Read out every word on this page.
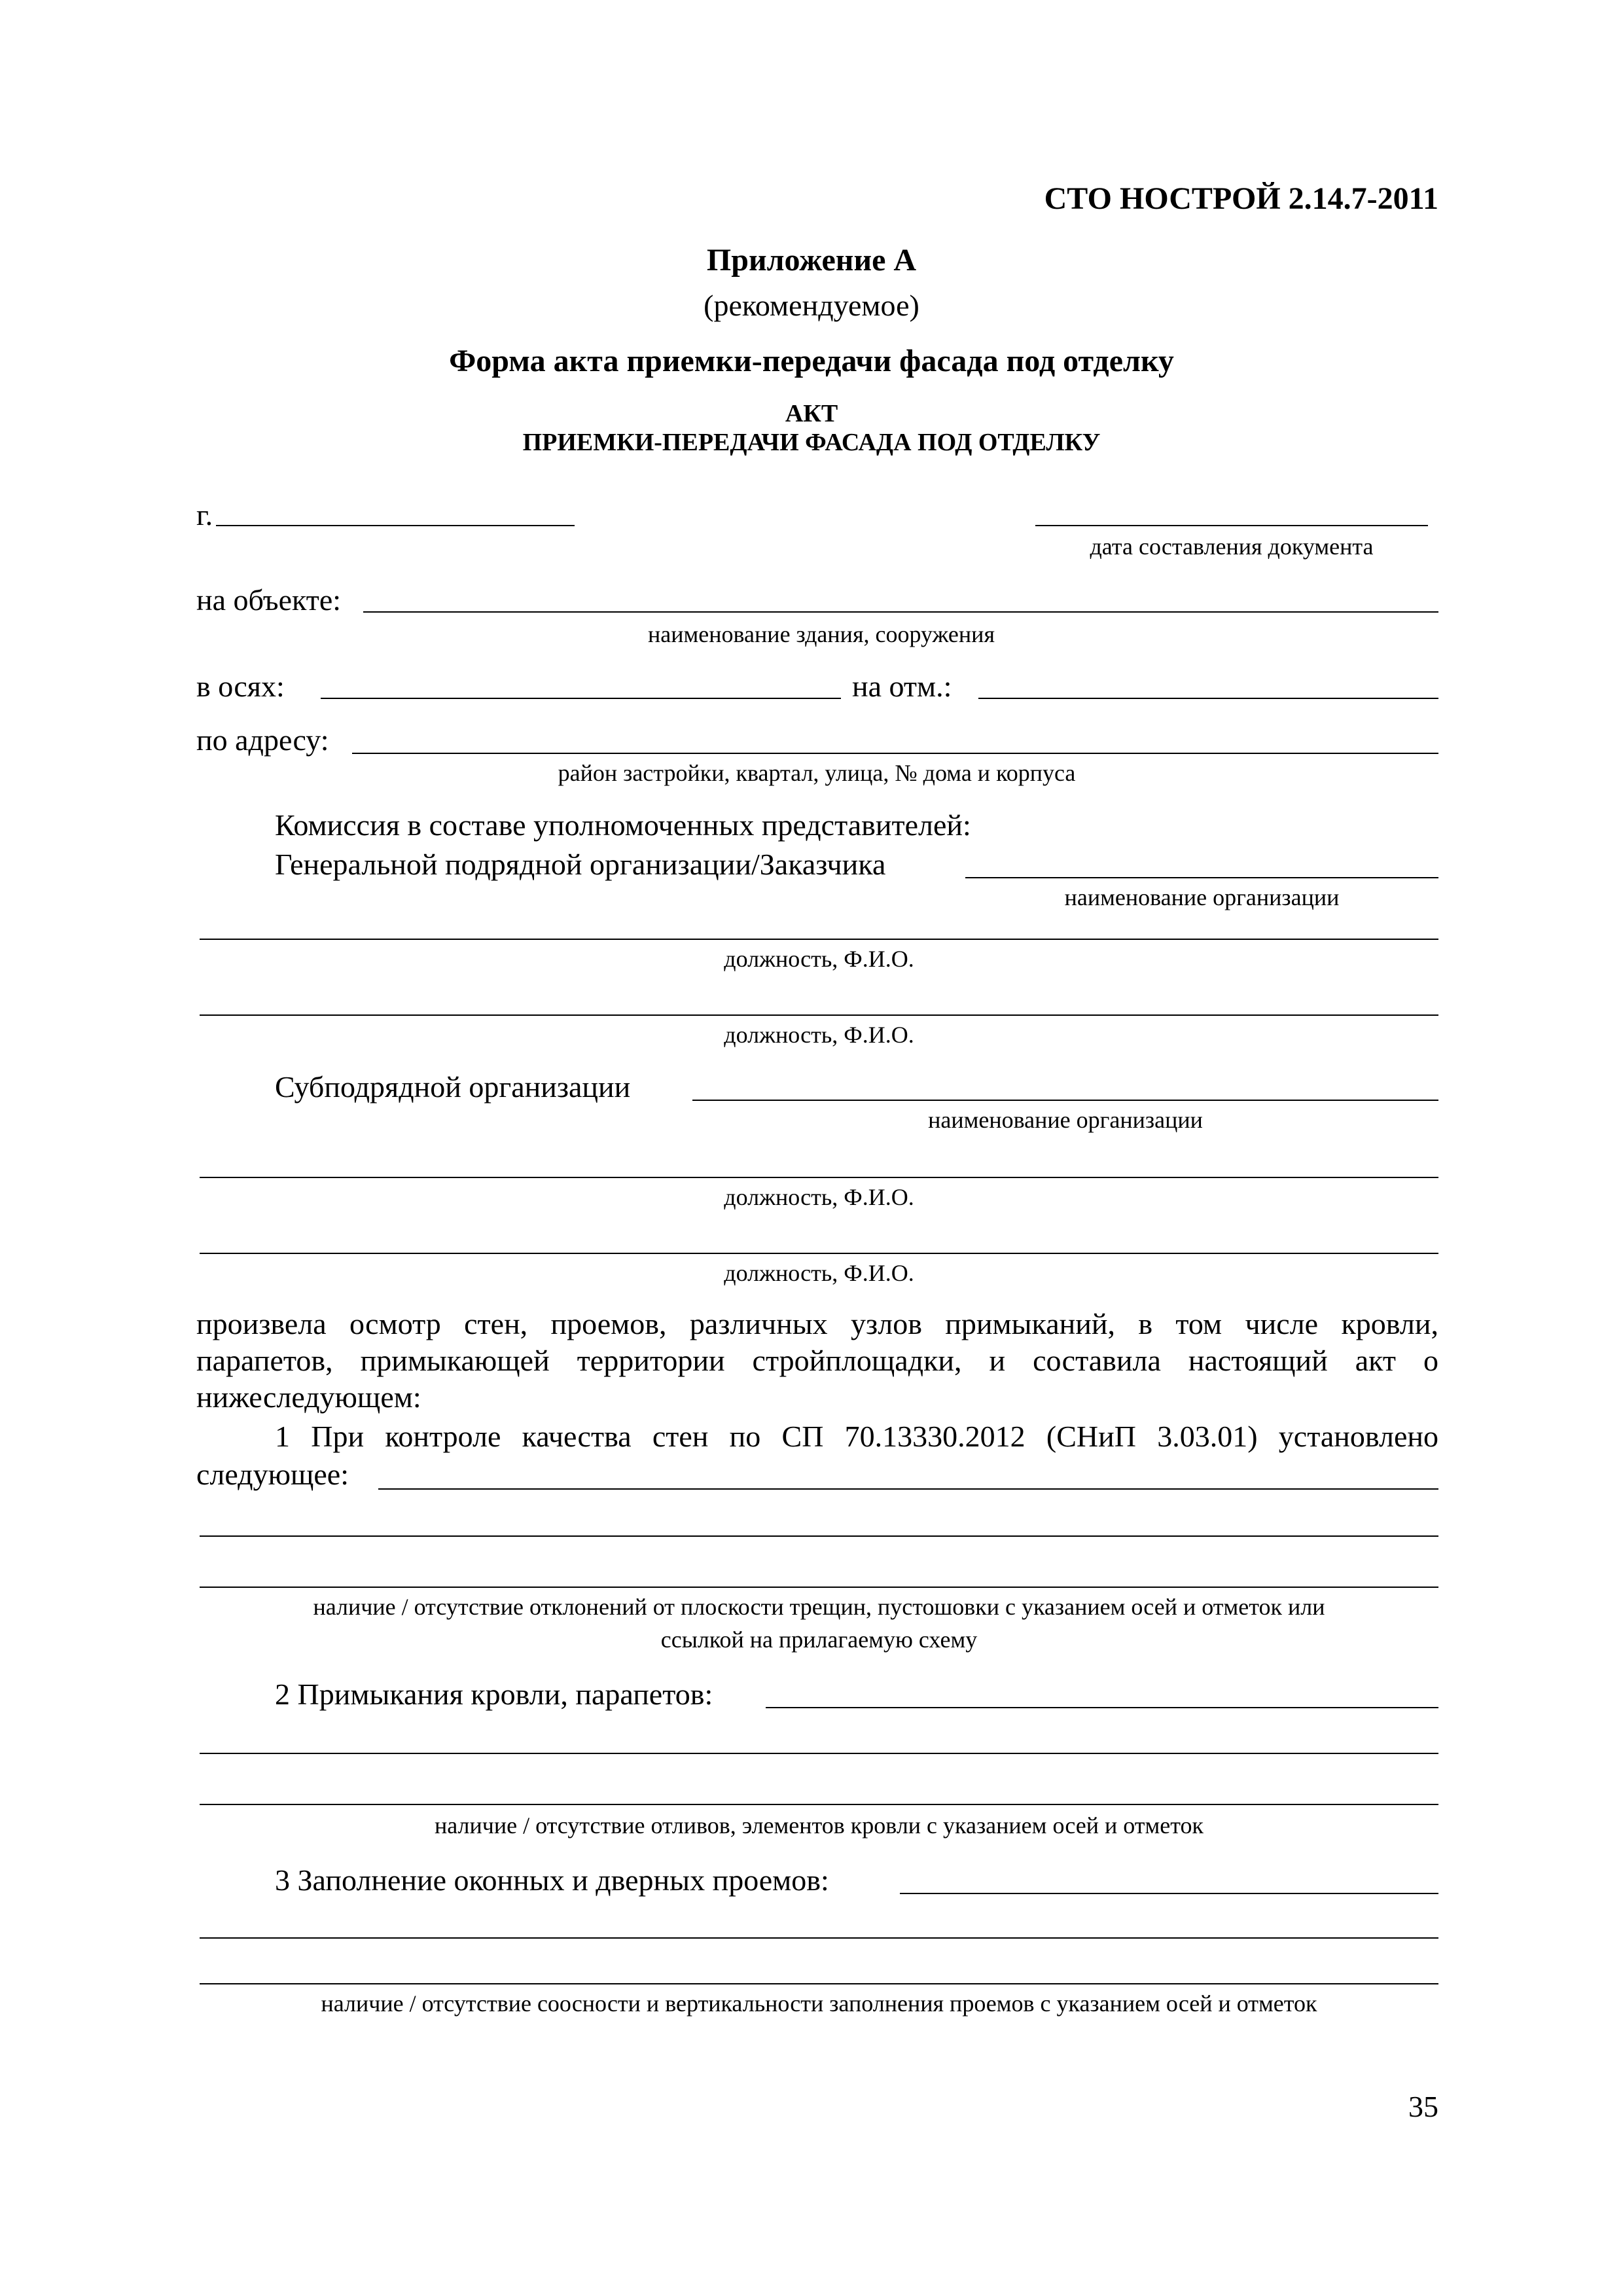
СТО НОСТРОЙ 2.14.7-2011
Приложение А
(рекомендуемое)
Форма акта приемки-передачи фасада под отделку
АКТ
ПРИЕМКИ-ПЕРЕДАЧИ ФАСАДА ПОД ОТДЕЛКУ
г.
дата составления документа
на объекте:
наименование здания, сооружения
в осях:	на отм.:
по адресу:
район застройки, квартал, улица, № дома и корпуса
Комиссия в составе уполномоченных представителей:
Генеральной подрядной организации/Заказчика
наименование организации
должность, Ф.И.О.
должность, Ф.И.О.
Субподрядной организации
наименование организации
должность, Ф.И.О.
должность, Ф.И.О.
произвела осмотр стен, проемов, различных узлов примыканий, в том числе кровли,
парапетов, примыкающей территории стройплощадки, и составила настоящий акт о
нижеследующем:
1 При контроле качества стен по СП 70.13330.2012 (СНиП 3.03.01) установлено
следующее:
наличие / отсутствие отклонений от плоскости трещин, пустошовки с указанием осей и отметок или
ссылкой на прилагаемую схему
2 Примыкания кровли, парапетов:
наличие / отсутствие отливов, элементов кровли с указанием осей и отметок
3 Заполнение оконных и дверных проемов:
наличие / отсутствие соосности и вертикальности заполнения проемов с указанием осей и отметок
35
